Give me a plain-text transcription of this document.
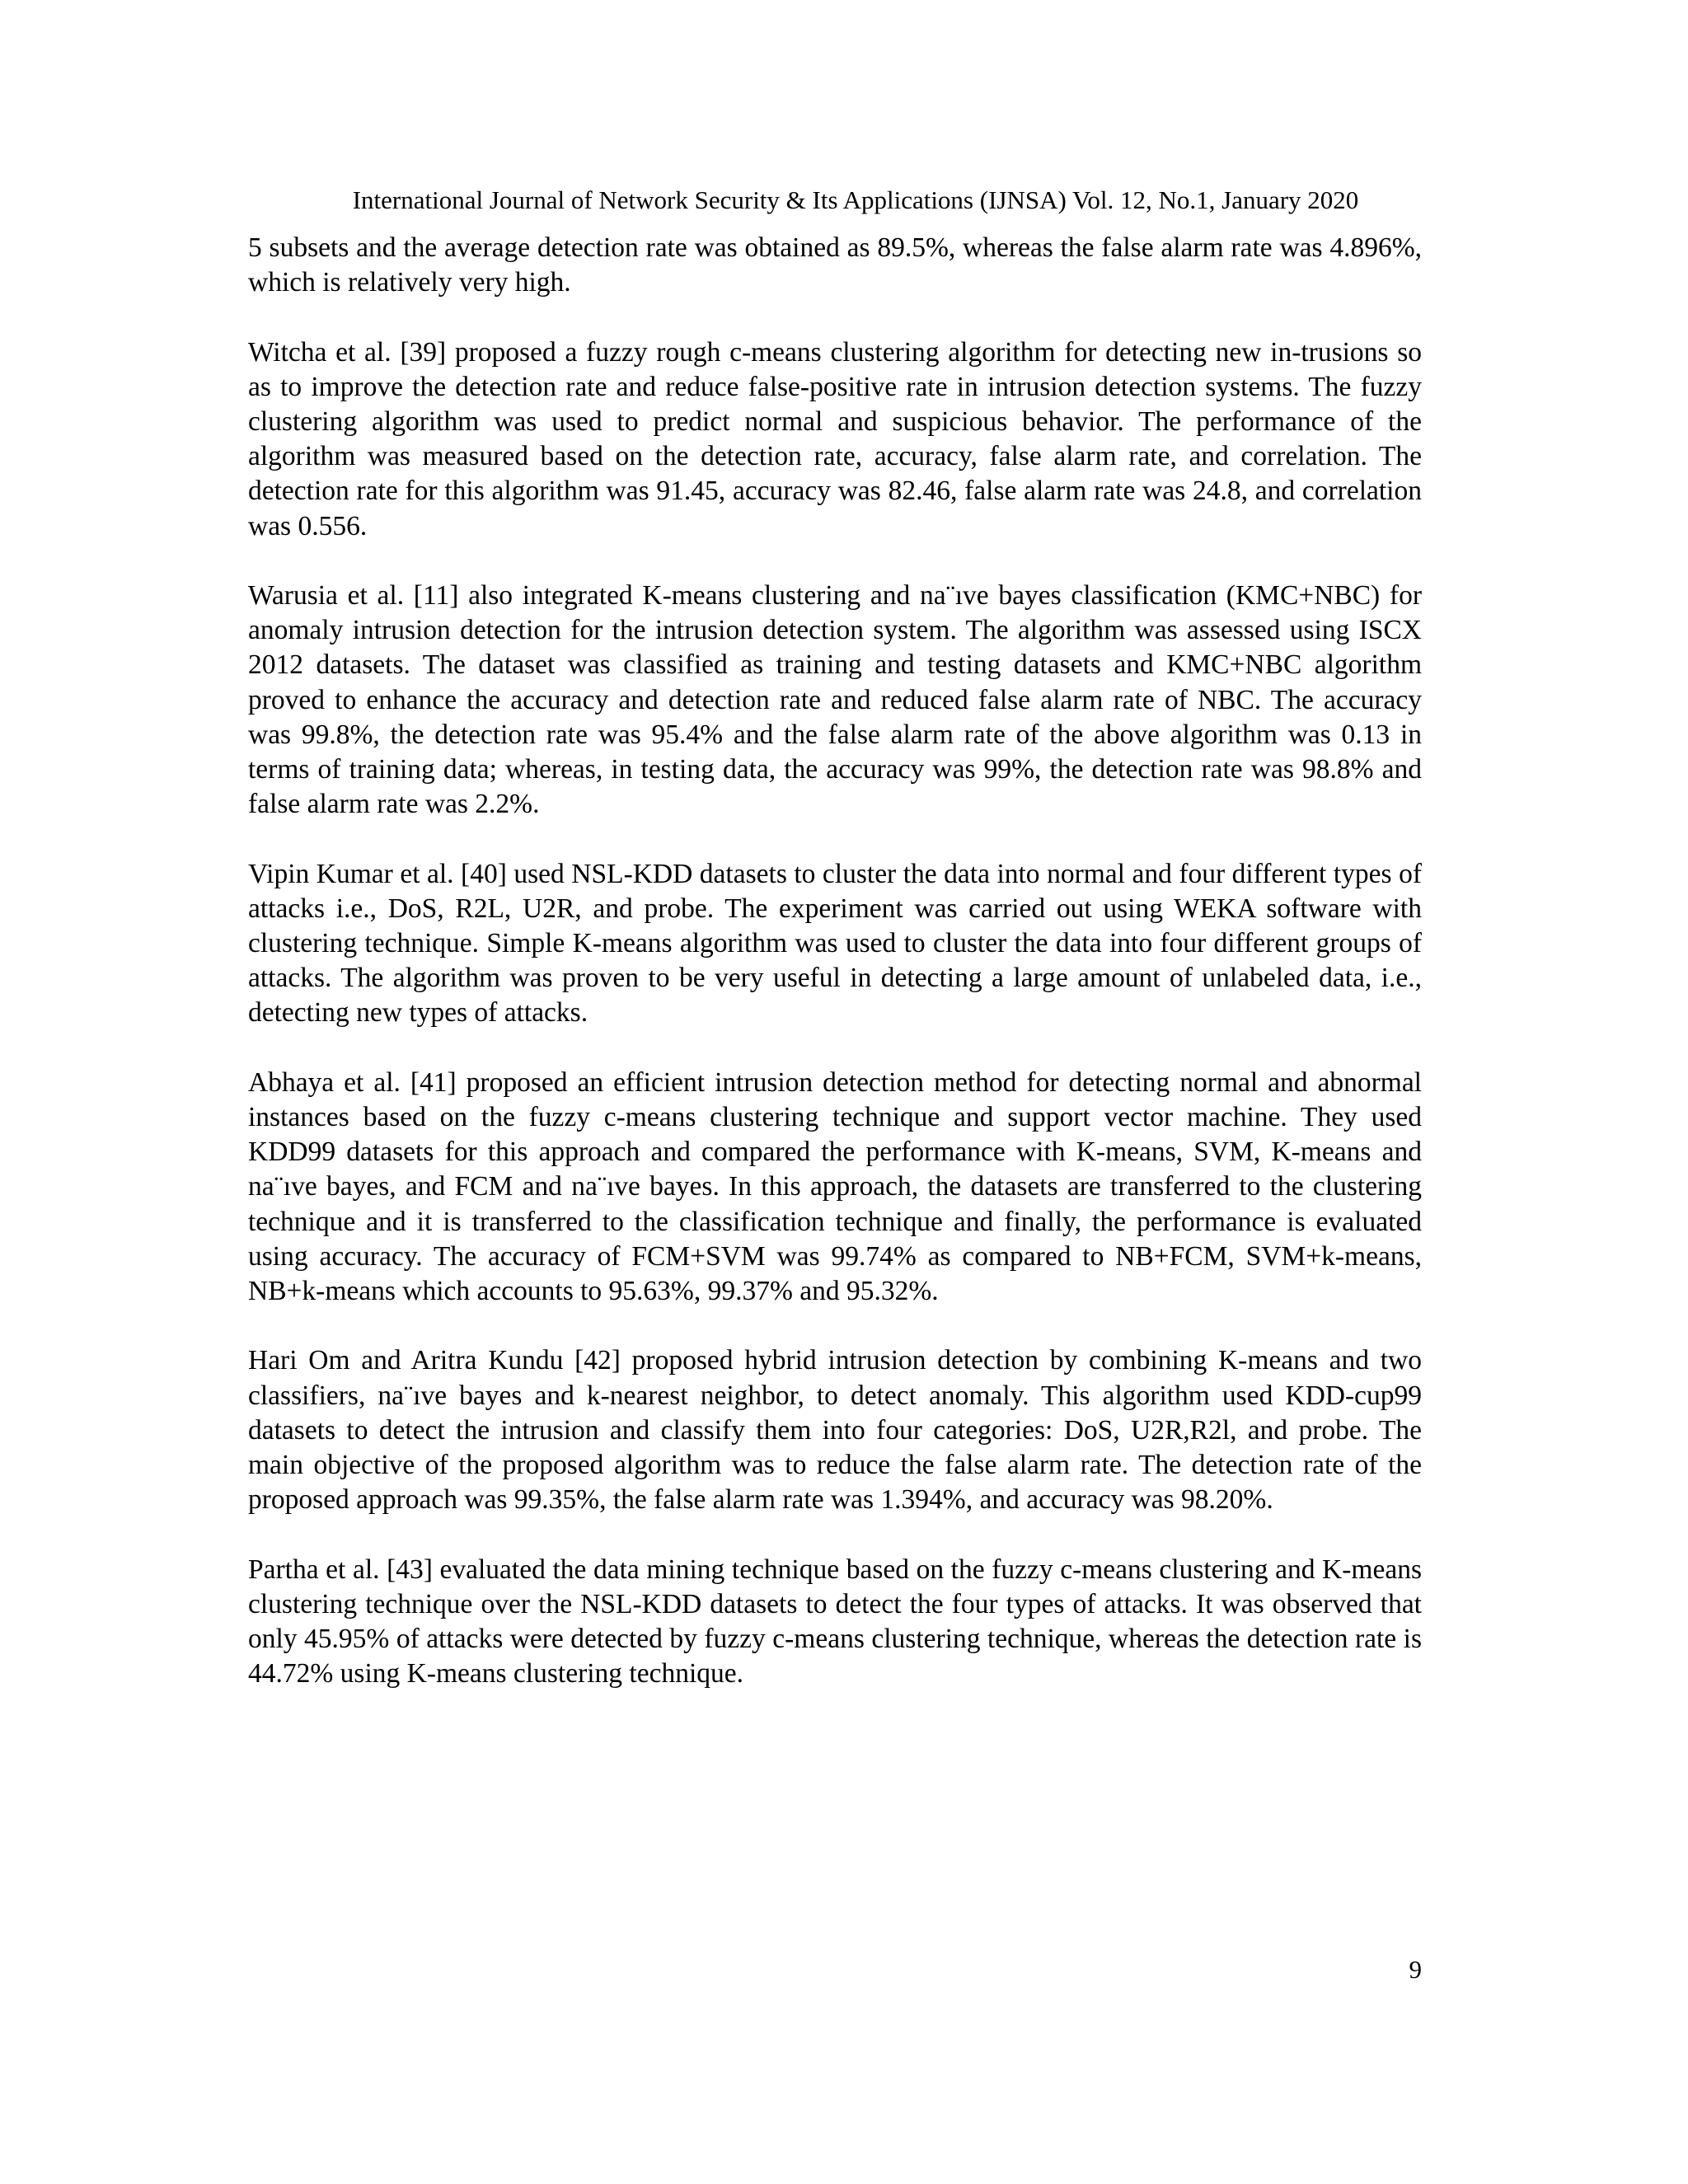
International Journal of Network Security & Its Applications (IJNSA) Vol. 12, No.1, January 2020

5 subsets and the average detection rate was obtained as 89.5%, whereas the false alarm rate was 4.896%, which is relatively very high.

Witcha et al. [39] proposed a fuzzy rough c-means clustering algorithm for detecting new in-trusions so as to improve the detection rate and reduce false-positive rate in intrusion detection systems. The fuzzy clustering algorithm was used to predict normal and suspicious behavior. The performance of the algorithm was measured based on the detection rate, accuracy, false alarm rate, and correlation. The detection rate for this algorithm was 91.45, accuracy was 82.46, false alarm rate was 24.8, and correlation was 0.556.

Warusia et al. [11] also integrated K-means clustering and na¨ıve bayes classification (KMC+NBC) for anomaly intrusion detection for the intrusion detection system. The algorithm was assessed using ISCX 2012 datasets. The dataset was classified as training and testing datasets and KMC+NBC algorithm proved to enhance the accuracy and detection rate and reduced false alarm rate of NBC. The accuracy was 99.8%, the detection rate was 95.4% and the false alarm rate of the above algorithm was 0.13 in terms of training data; whereas, in testing data, the accuracy was 99%, the detection rate was 98.8% and false alarm rate was 2.2%.

Vipin Kumar et al. [40] used NSL-KDD datasets to cluster the data into normal and four different types of attacks i.e., DoS, R2L, U2R, and probe. The experiment was carried out using WEKA software with clustering technique. Simple K-means algorithm was used to cluster the data into four different groups of attacks. The algorithm was proven to be very useful in detecting a large amount of unlabeled data, i.e., detecting new types of attacks.

Abhaya et al. [41] proposed an efficient intrusion detection method for detecting normal and abnormal instances based on the fuzzy c-means clustering technique and support vector machine. They used KDD99 datasets for this approach and compared the performance with K-means, SVM, K-means and na¨ıve bayes, and FCM and na¨ıve bayes. In this approach, the datasets are transferred to the clustering technique and it is transferred to the classification technique and finally, the performance is evaluated using accuracy. The accuracy of FCM+SVM was 99.74% as compared to NB+FCM, SVM+k-means, NB+k-means which accounts to 95.63%, 99.37% and 95.32%.

Hari Om and Aritra Kundu [42] proposed hybrid intrusion detection by combining K-means and two classifiers, na¨ıve bayes and k-nearest neighbor, to detect anomaly. This algorithm used KDD-cup99 datasets to detect the intrusion and classify them into four categories: DoS, U2R,R2l, and probe. The main objective of the proposed algorithm was to reduce the false alarm rate. The detection rate of the proposed approach was 99.35%, the false alarm rate was 1.394%, and accuracy was 98.20%.

Partha et al. [43] evaluated the data mining technique based on the fuzzy c-means clustering and K-means clustering technique over the NSL-KDD datasets to detect the four types of attacks. It was observed that only 45.95% of attacks were detected by fuzzy c-means clustering technique, whereas the detection rate is 44.72% using K-means clustering technique.

9
